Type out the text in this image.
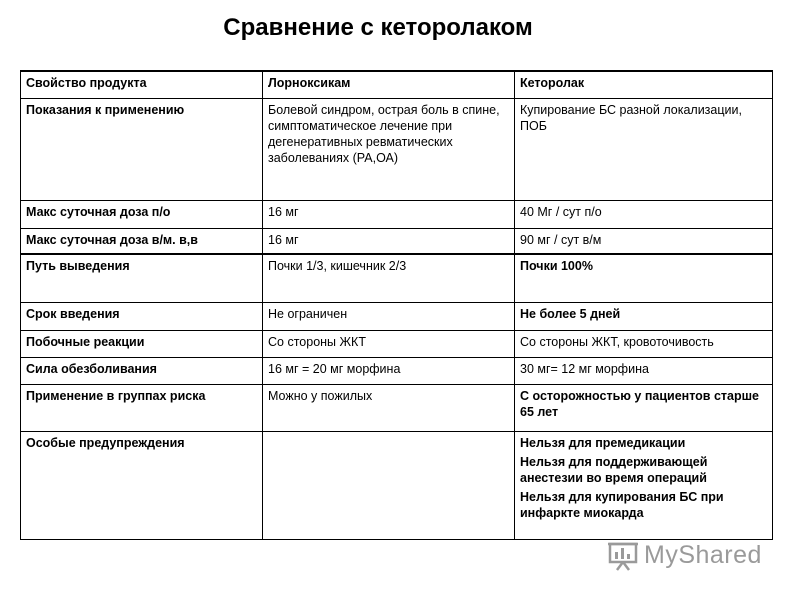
Сравнение с кеторолаком
Свойство продукта	Лорноксикам	Кеторолак
Показания к применению	Болевой синдром, острая боль в спине, симптоматическое лечение при дегенеративных ревматических заболеваниях (РА,ОА)	Купирование БС разной локализации, ПОБ
Макс суточная доза п/о	16 мг	40 Мг / сут п/о
Макс суточная доза в/м. в,в	16 мг	90 мг / сут в/м
Путь выведения	Почки 1/3, кишечник 2/3	Почки 100%
Срок введения	Не ограничен	Не более 5 дней
Побочные реакции	Со стороны ЖКТ	Со стороны ЖКТ, кровоточивость
Сила обезболивания	16 мг = 20 мг морфина	30 мг= 12 мг морфина
Применение в группах риска	Можно у пожилых	С осторожностью у пациентов старше 65 лет
Особые предупреждения		Нельзя для премедикации
Нельзя для поддерживающей анестезии во время операций
Нельзя для купирования БС при инфаркте миокарда
MyShared
